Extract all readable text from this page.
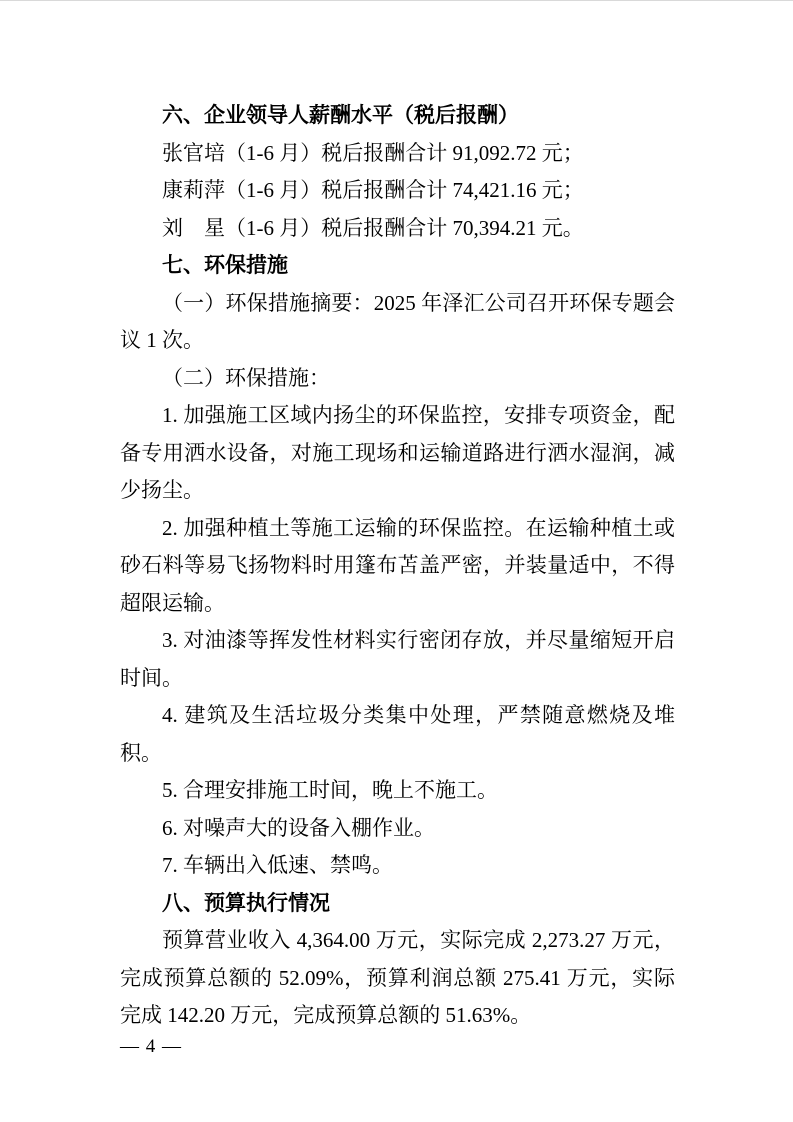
六、企业领导人薪酬水平（税后报酬）

张官培（1-6 月）税后报酬合计 91,092.72 元；

康莉萍（1-6 月）税后报酬合计 74,421.16 元；

刘　星（1-6 月）税后报酬合计 70,394.21 元。

七、环保措施

（一）环保措施摘要：2025 年泽汇公司召开环保专题会议 1 次。

（二）环保措施：

1. 加强施工区域内扬尘的环保监控，安排专项资金，配备专用洒水设备，对施工现场和运输道路进行洒水湿润，减少扬尘。

2. 加强种植土等施工运输的环保监控。在运输种植土或砂石料等易飞扬物料时用篷布苫盖严密，并装量适中，不得超限运输。

3. 对油漆等挥发性材料实行密闭存放，并尽量缩短开启时间。

4. 建筑及生活垃圾分类集中处理，严禁随意燃烧及堆积。

5. 合理安排施工时间，晚上不施工。

6. 对噪声大的设备入棚作业。

7. 车辆出入低速、禁鸣。

八、预算执行情况

预算营业收入 4,364.00 万元，实际完成 2,273.27 万元，完成预算总额的 52.09%，预算利润总额 275.41 万元，实际完成 142.20 万元，完成预算总额的 51.63%。

— 4 —
